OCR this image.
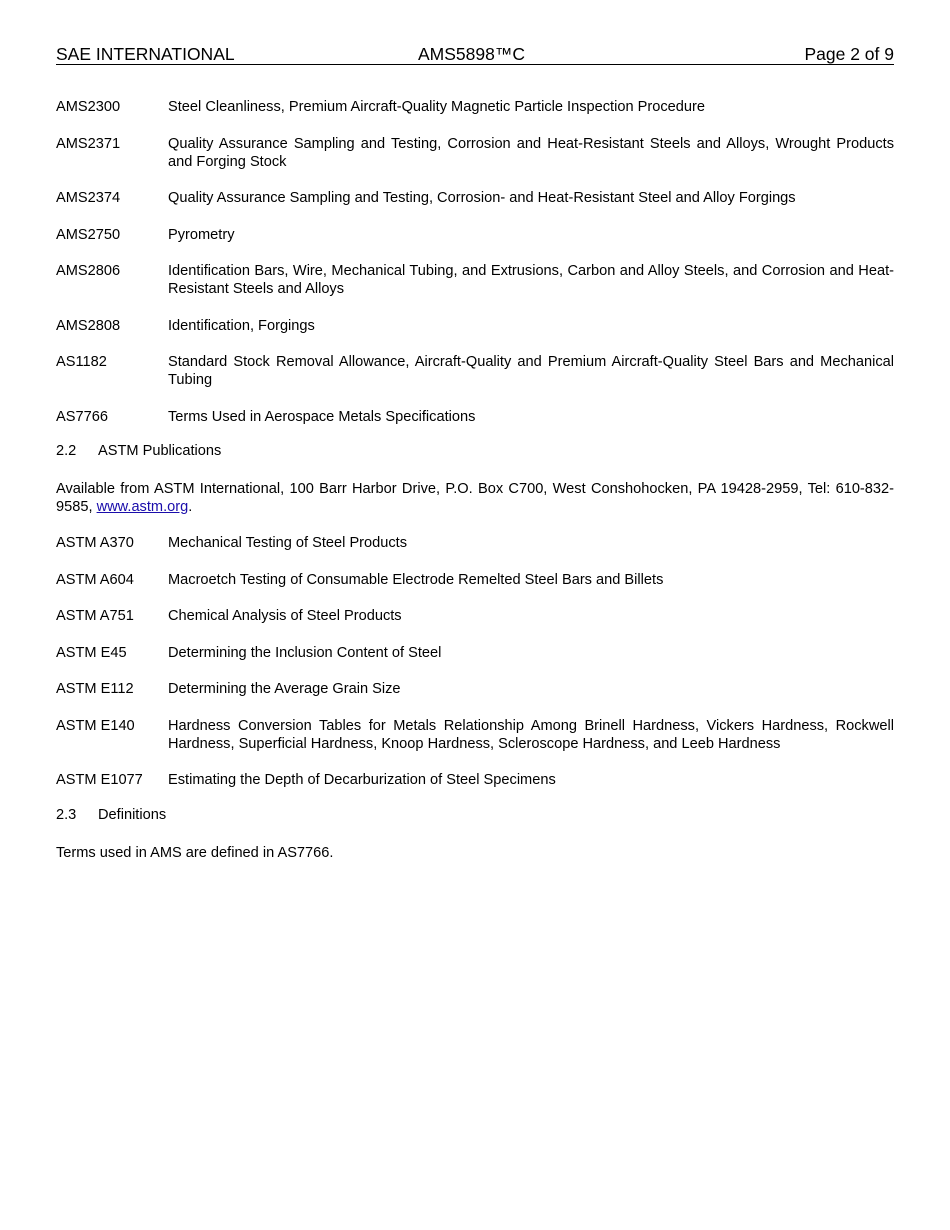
SAE INTERNATIONAL	AMS5898™C	Page 2 of 9
AMS2300	Steel Cleanliness, Premium Aircraft-Quality Magnetic Particle Inspection Procedure
AMS2371	Quality Assurance Sampling and Testing, Corrosion and Heat-Resistant Steels and Alloys, Wrought Products and Forging Stock
AMS2374	Quality Assurance Sampling and Testing, Corrosion- and Heat-Resistant Steel and Alloy Forgings
AMS2750	Pyrometry
AMS2806	Identification Bars, Wire, Mechanical Tubing, and Extrusions, Carbon and Alloy Steels, and Corrosion and Heat-Resistant Steels and Alloys
AMS2808	Identification, Forgings
AS1182	Standard Stock Removal Allowance, Aircraft-Quality and Premium Aircraft-Quality Steel Bars and Mechanical Tubing
AS7766	Terms Used in Aerospace Metals Specifications
2.2 ASTM Publications
Available from ASTM International, 100 Barr Harbor Drive, P.O. Box C700, West Conshohocken, PA 19428-2959, Tel: 610-832-9585, www.astm.org.
ASTM A370 Mechanical Testing of Steel Products
ASTM A604 Macroetch Testing of Consumable Electrode Remelted Steel Bars and Billets
ASTM A751 Chemical Analysis of Steel Products
ASTM E45	Determining the Inclusion Content of Steel
ASTM E112 Determining the Average Grain Size
ASTM E140 Hardness Conversion Tables for Metals Relationship Among Brinell Hardness, Vickers Hardness, Rockwell Hardness, Superficial Hardness, Knoop Hardness, Scleroscope Hardness, and Leeb Hardness
ASTM E1077 Estimating the Depth of Decarburization of Steel Specimens
2.3 Definitions
Terms used in AMS are defined in AS7766.
